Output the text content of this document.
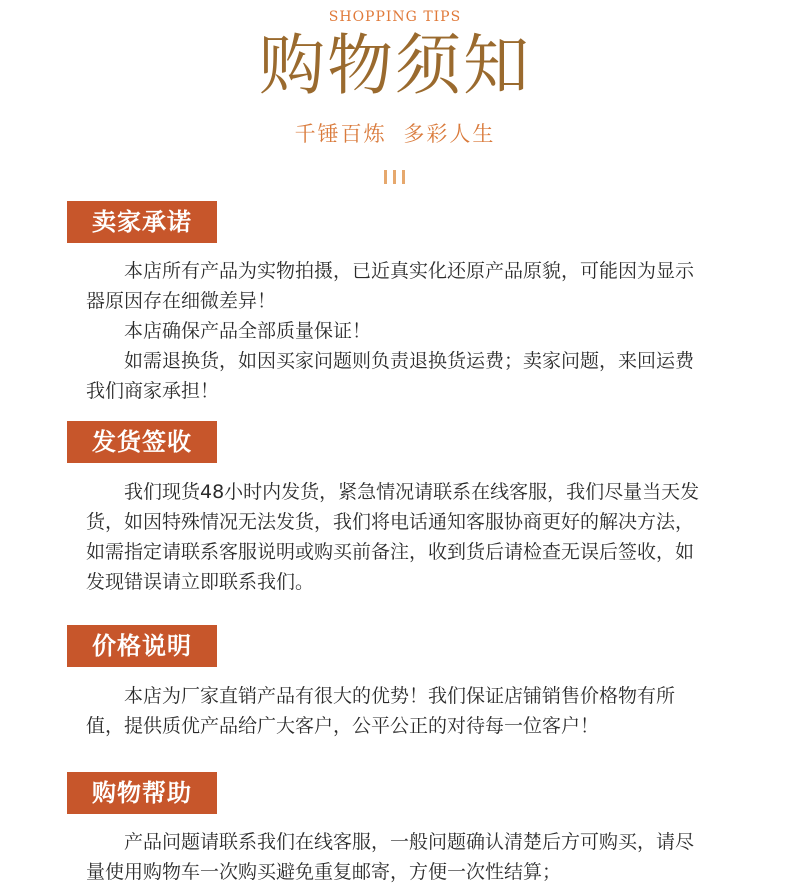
SHOPPING TIPS
购物须知
千锤百炼 多彩人生
卖家承诺

本店所有产品为实物拍摄，已近真实化还原产品原貌，可能因为显示器原因存在细微差异！

本店确保产品全部质量保证！

如需退换货，如因买家问题则负责退换货运费；卖家问题，来回运费我们商家承担！

发货签收

我们现货48小时内发货，紧急情况请联系在线客服，我们尽量当天发货，如因特殊情况无法发货，我们将电话通知客服协商更好的解决方法，如需指定请联系客服说明或购买前备注，收到货后请检查无误后签收，如发现错误请立即联系我们。

价格说明

本店为厂家直销产品有很大的优势！我们保证店铺销售价格物有所值，提供质优产品给广大客户，公平公正的对待每一位客户！

购物帮助

产品问题请联系我们在线客服，一般问题确认清楚后方可购买，请尽量使用购物车一次购买避免重复邮寄，方便一次性结算；
